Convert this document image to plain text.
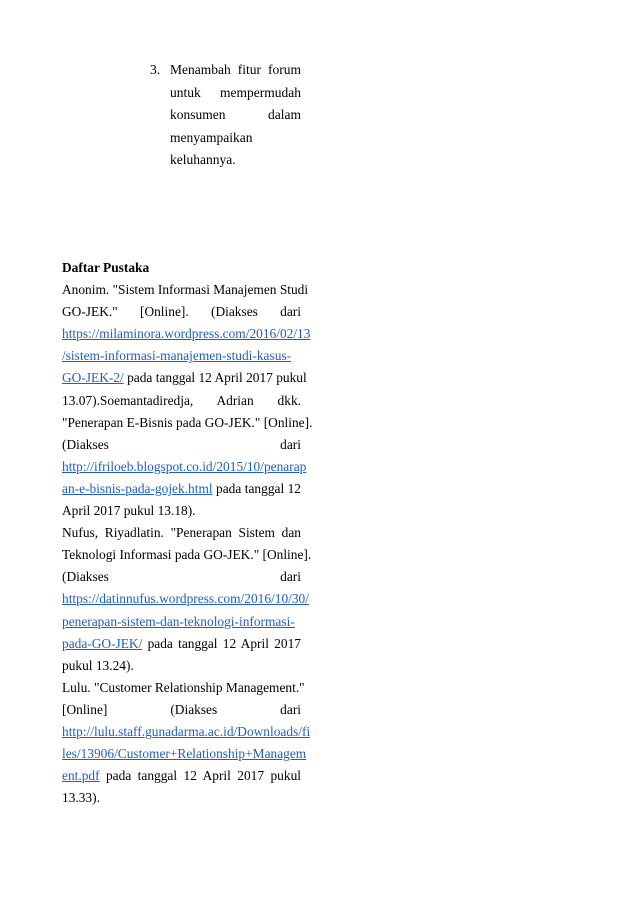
3. Menambah fitur forum
untuk mempermudah
konsumen dalam
menyampaikan
keluhannya.
Daftar Pustaka
Anonim. "Sistem Informasi Manajemen Studi
GO-JEK." [Online]. (Diakses dari
https://milaminora.wordpress.com/2016/02/13
/sistem-informasi-manajemen-studi-kasus-
GO-JEK-2/ pada tanggal 12 April 2017 pukul
13.07).Soemantadiredja, Adrian dkk.
"Penerapan E-Bisnis pada GO-JEK." [Online].
(Diakses dari
http://ifriloeb.blogspot.co.id/2015/10/penarap
an-e-bisnis-pada-gojek.html pada tanggal 12
April 2017 pukul 13.18).
Nufus, Riyadlatin. "Penerapan Sistem dan
Teknologi Informasi pada GO-JEK." [Online].
(Diakses dari
https://datinnufus.wordpress.com/2016/10/30/
penerapan-sistem-dan-teknologi-informasi-
pada-GO-JEK/ pada tanggal 12 April 2017
pukul 13.24).
Lulu. "Customer Relationship Management."
[Online] (Diakses dari
http://lulu.staff.gunadarma.ac.id/Downloads/fi
les/13906/Customer+Relationship+Managem
ent.pdf pada tanggal 12 April 2017 pukul
13.33).
